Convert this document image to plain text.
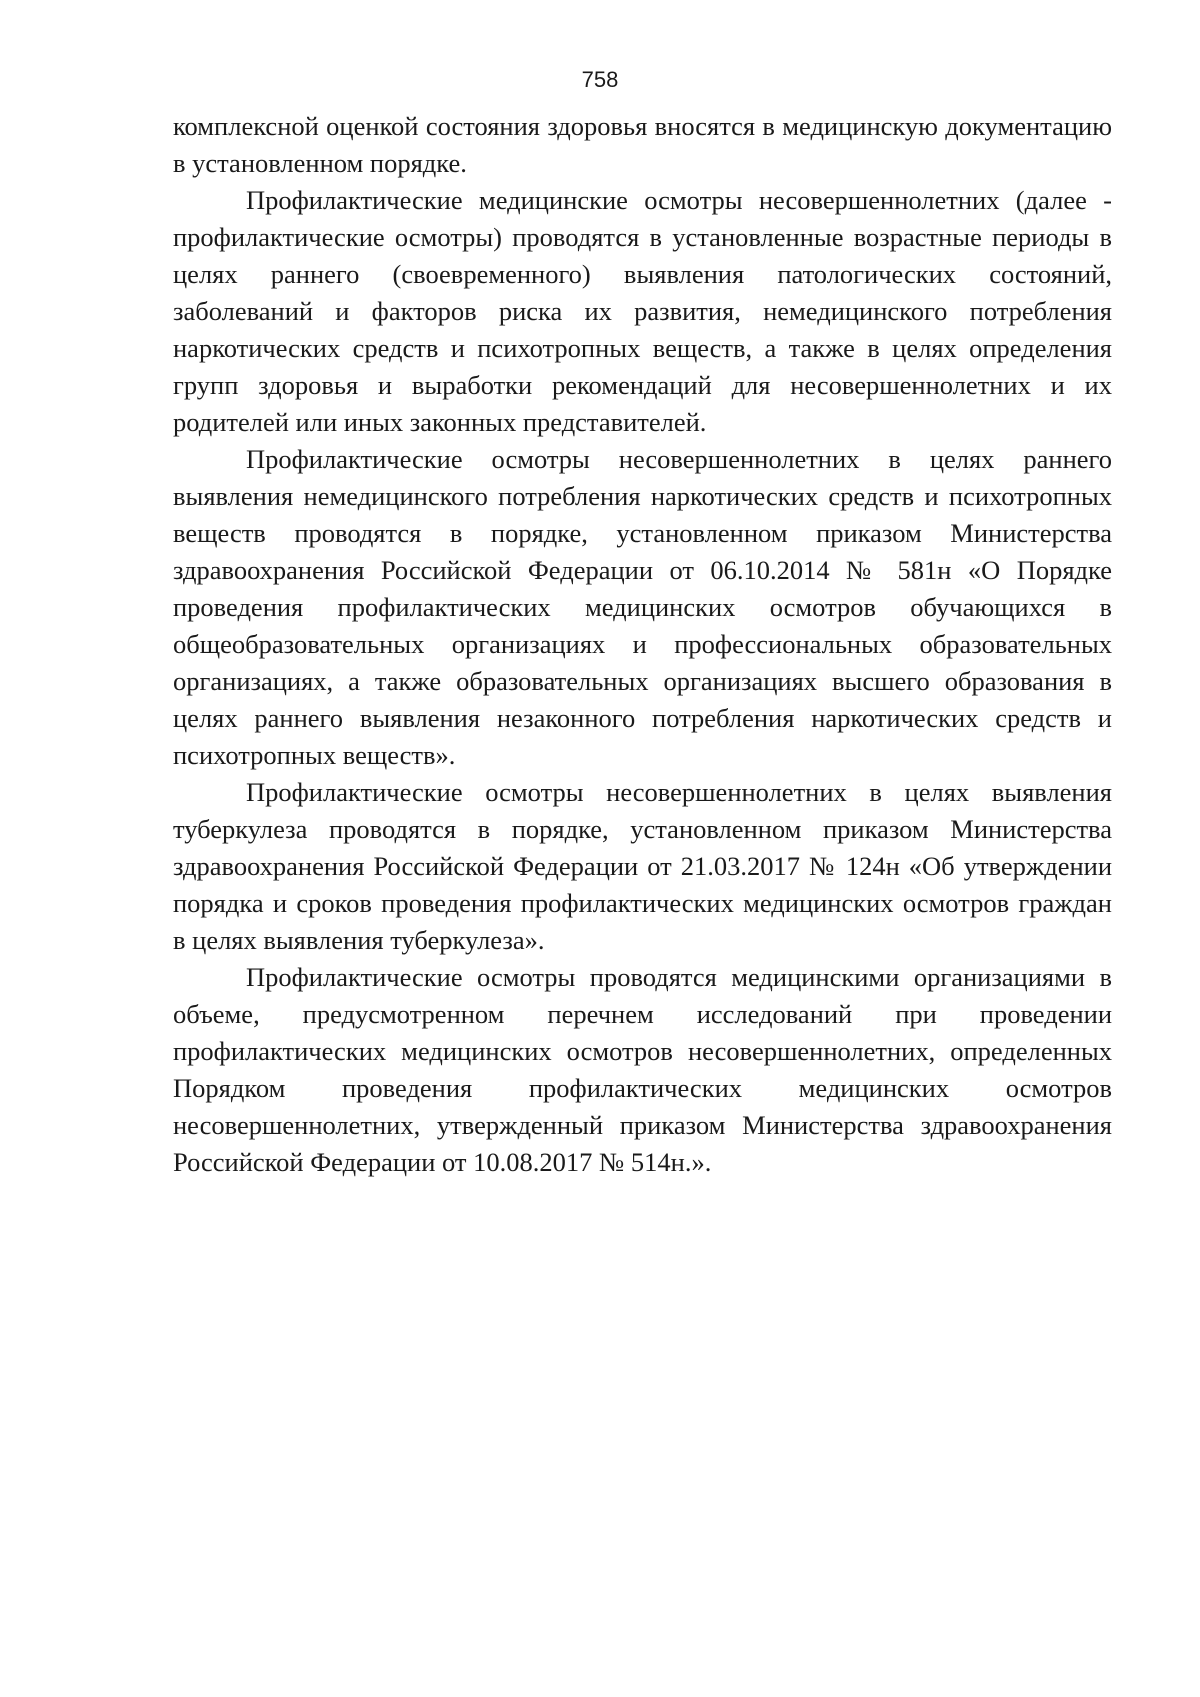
758

комплексной оценкой состояния здоровья вносятся в медицинскую документацию в установленном порядке.

Профилактические медицинские осмотры несовершеннолетних (далее - профилактические осмотры) проводятся в установленные возрастные периоды в целях раннего (своевременного) выявления патологических состояний, заболеваний и факторов риска их развития, немедицинского потребления наркотических средств и психотропных веществ, а также в целях определения групп здоровья и выработки рекомендаций для несовершеннолетних и их родителей или иных законных представителей.

Профилактические осмотры несовершеннолетних в целях раннего выявления немедицинского потребления наркотических средств и психотропных веществ проводятся в порядке, установленном приказом Министерства здравоохранения Российской Федерации от 06.10.2014 № 581н «О Порядке проведения профилактических медицинских осмотров обучающихся в общеобразовательных организациях и профессиональных образовательных организациях, а также образовательных организациях высшего образования в целях раннего выявления незаконного потребления наркотических средств и психотропных веществ».

Профилактические осмотры несовершеннолетних в целях выявления туберкулеза проводятся в порядке, установленном приказом Министерства здравоохранения Российской Федерации от 21.03.2017 № 124н «Об утверждении порядка и сроков проведения профилактических медицинских осмотров граждан в целях выявления туберкулеза».

Профилактические осмотры проводятся медицинскими организациями в объеме, предусмотренном перечнем исследований при проведении профилактических медицинских осмотров несовершеннолетних, определенных Порядком проведения профилактических медицинских осмотров несовершеннолетних, утвержденный приказом Министерства здравоохранения Российской Федерации от 10.08.2017 № 514н.».
